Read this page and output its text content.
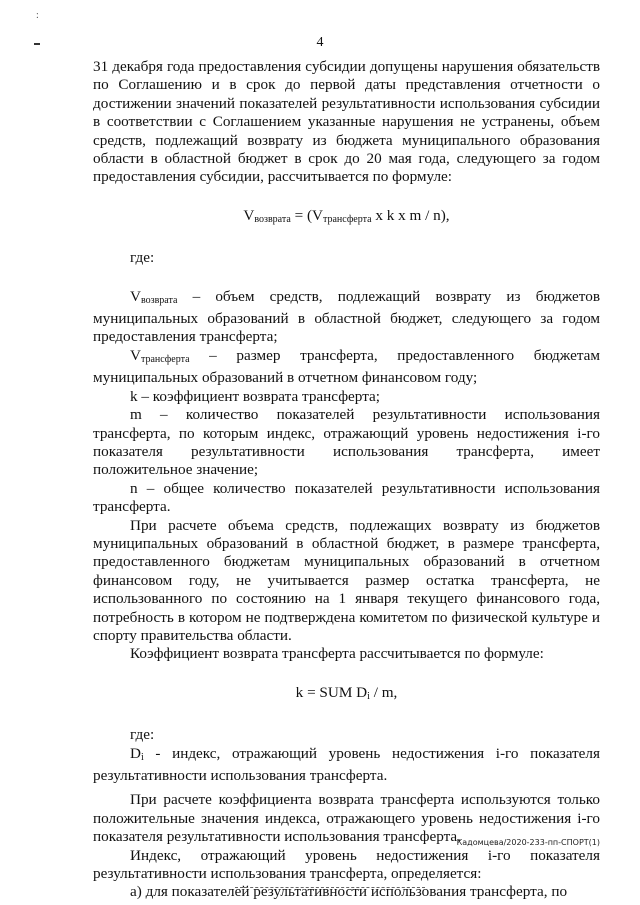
:
4

31 декабря года предоставления субсидии допущены нарушения обязательств по Соглашению и в срок до первой даты представления отчетности о достижении значений показателей результативности использования субсидии в соответствии с Соглашением указанные нарушения не устранены, объем средств, подлежащий возврату из бюджета муниципального образования области в областной бюджет в срок до 20 мая года, следующего за годом предоставления субсидии, рассчитывается по формуле:

$V_{возврата} = (V_{трансферта}$ x k x m / n),

где:

$V_{возврата}$ – объем средств, подлежащий возврату из бюджетов муниципальных образований в областной бюджет, следующего за годом предоставления трансферта;

$V_{трансферта}$ – размер трансферта, предоставленного бюджетам муниципальных образований в отчетном финансовом году;

k – коэффициент возврата трансферта;

m – количество показателей результативности использования трансферта, по которым индекс, отражающий уровень недостижения i-го показателя результативности использования трансферта, имеет положительное значение;

n – общее количество показателей результативности использования трансферта.

При расчете объема средств, подлежащих возврату из бюджетов муниципальных образований в областной бюджет, в размере трансферта, предоставленного бюджетам муниципальных образований в отчетном финансовом году, не учитывается размер остатка трансферта, не использованного по состоянию на 1 января текущего финансового года, потребность в котором не подтверждена комитетом по физической культуре и спорту правительства области.

Коэффициент возврата трансферта рассчитывается по формуле:

k = SUM $D_i$ / m,

где:

$D_i$ - индекс, отражающий уровень недостижения i-го показателя результативности использования трансферта.

При расчете коэффициента возврата трансферта используются только положительные значения индекса, отражающего уровень недостижения i-го показателя результативности использования трансферта.

Индекс, отражающий уровень недостижения i-го показателя результативности использования трансферта, определяется:

а) для показателей результативности использования трансферта, по

Кадомцева/2020-233-пп-СПОРТ(1)
